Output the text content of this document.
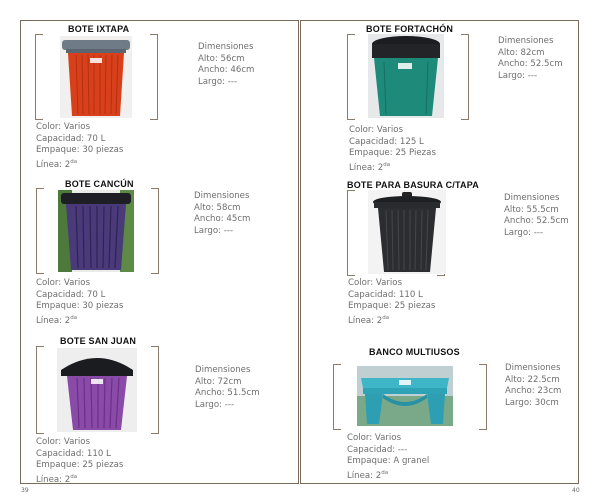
BOTE IXTAPA
Dimensiones
Alto: 56cm
Ancho: 46cm
Largo: ---
Color: Varios
Capacidad: 70 L
Empaque: 30 piezas
Línea: $2^{da}$
BOTE CANCÚN
Dimensiones
Alto: 58cm
Ancho: 45cm
Largo: ---
Color: Varios
Capacidad: 70 L
Empaque: 30 piezas
Línea: $2^{da}$
BOTE SAN JUAN
Dimensiones
Alto: 72cm
Ancho: 51.5cm
Largo: ---
Color: Varios
Capacidad: 110 L
Empaque: 25 piezas
Línea: $2^{da}$
BOTE FORTACHÓN
Dimensiones
Alto: 82cm
Ancho: 52.5cm
Largo: ---
Color: Varios
Capacidad: 125 L
Empaque: 25 Piezas
Línea: $2^{da}$
BOTE PARA BASURA C/TAPA
Dimensiones
Alto: 55.5cm
Ancho: 52.5cm
Largo: ---
Color: Varios
Capacidad: 110 L
Empaque: 25 piezas
Línea: $2^{da}$
BANCO MULTIUSOS
Dimensiones
Alto: 22.5cm
Ancho: 23cm
Largo: 30cm
Color: Varios
Capacidad: ---
Empaque: A granel
Línea: $2^{da}$
39	40
